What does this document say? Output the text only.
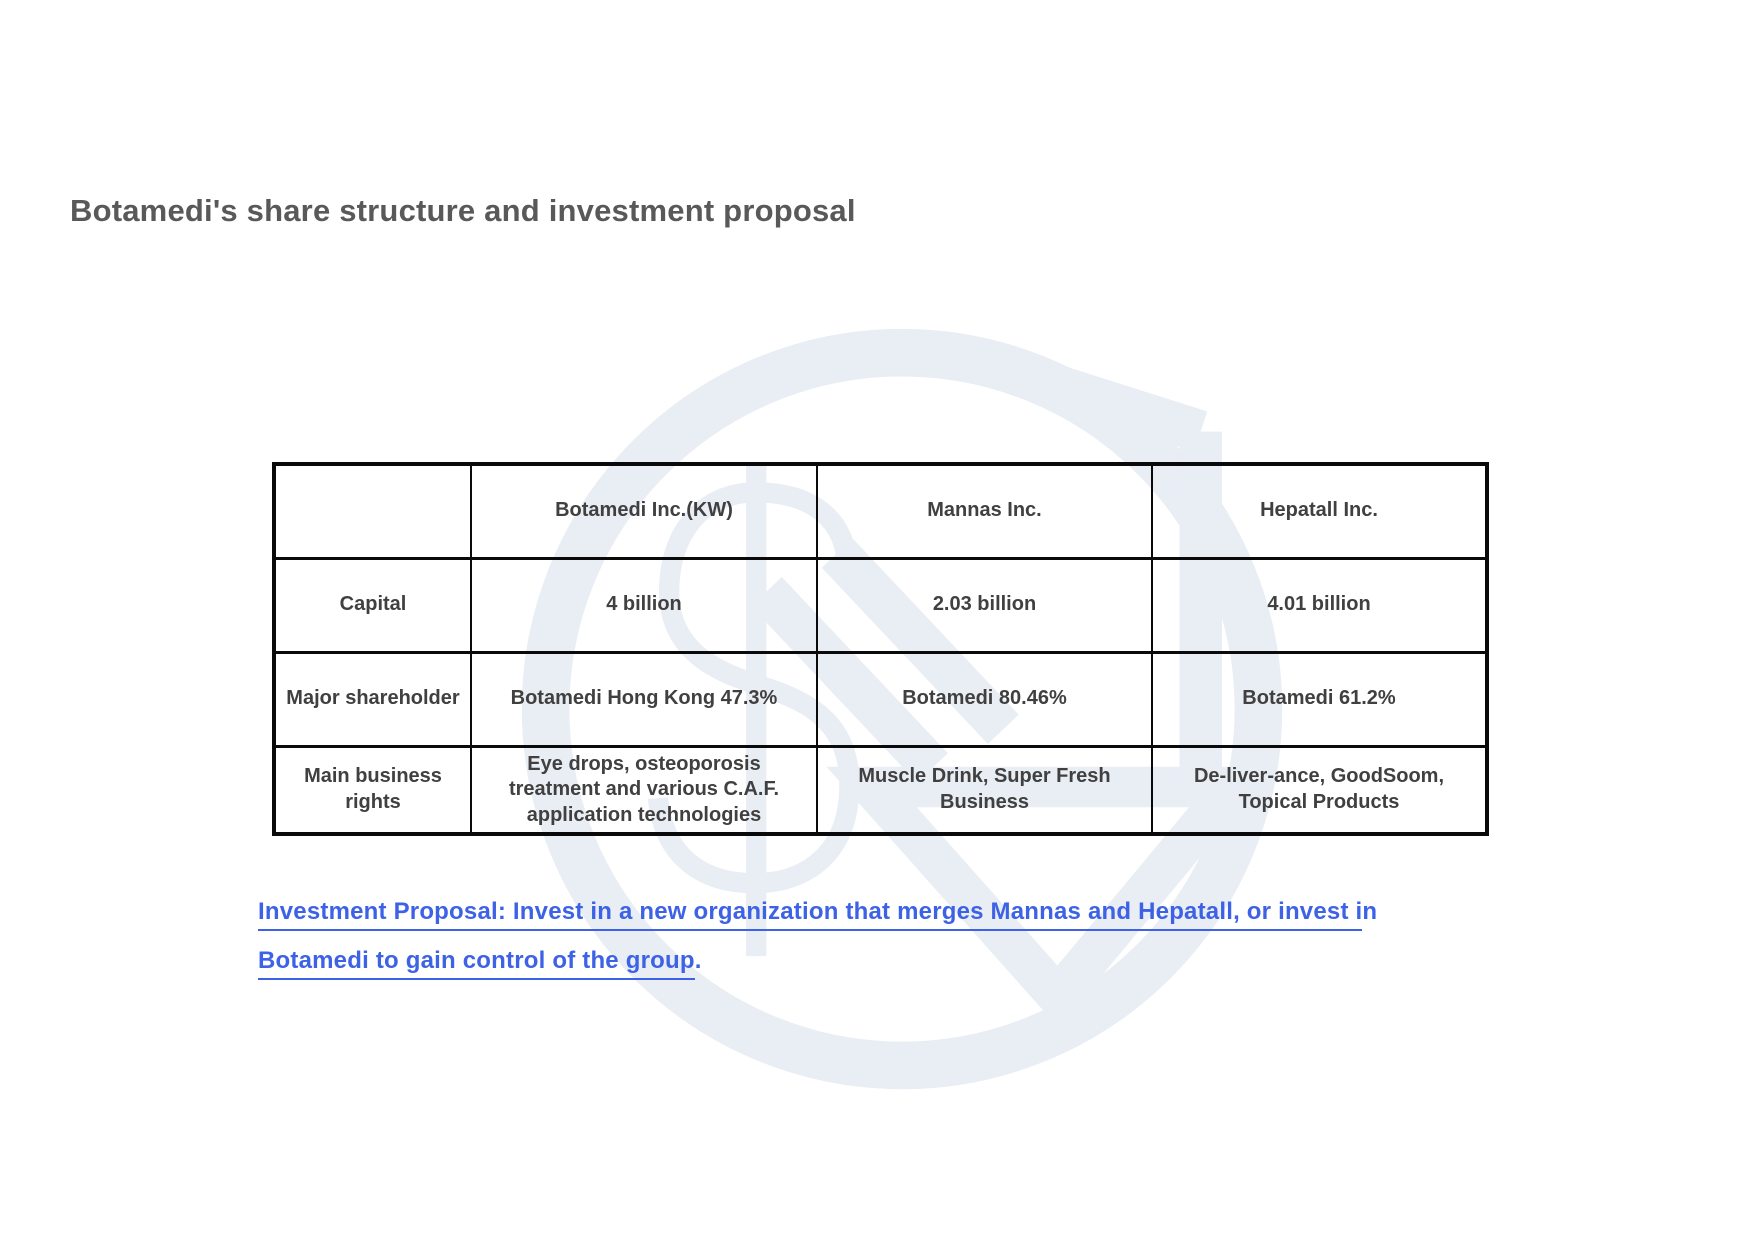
Botamedi's share structure and investment proposal
	Botamedi Inc.(KW)	Mannas Inc.	Hepatall Inc.
Capital	4 billion	2.03 billion	4.01 billion
Major shareholder	Botamedi Hong Kong 47.3%	Botamedi 80.46%	Botamedi 61.2%
Main business rights	Eye drops, osteoporosis treatment and various C.A.F. application technologies	Muscle Drink, Super Fresh Business	De-liver-ance, GoodSoom, Topical Products
Investment Proposal: Invest in a new organization that merges Mannas and Hepatall, or invest in
Botamedi to gain control of the group.
